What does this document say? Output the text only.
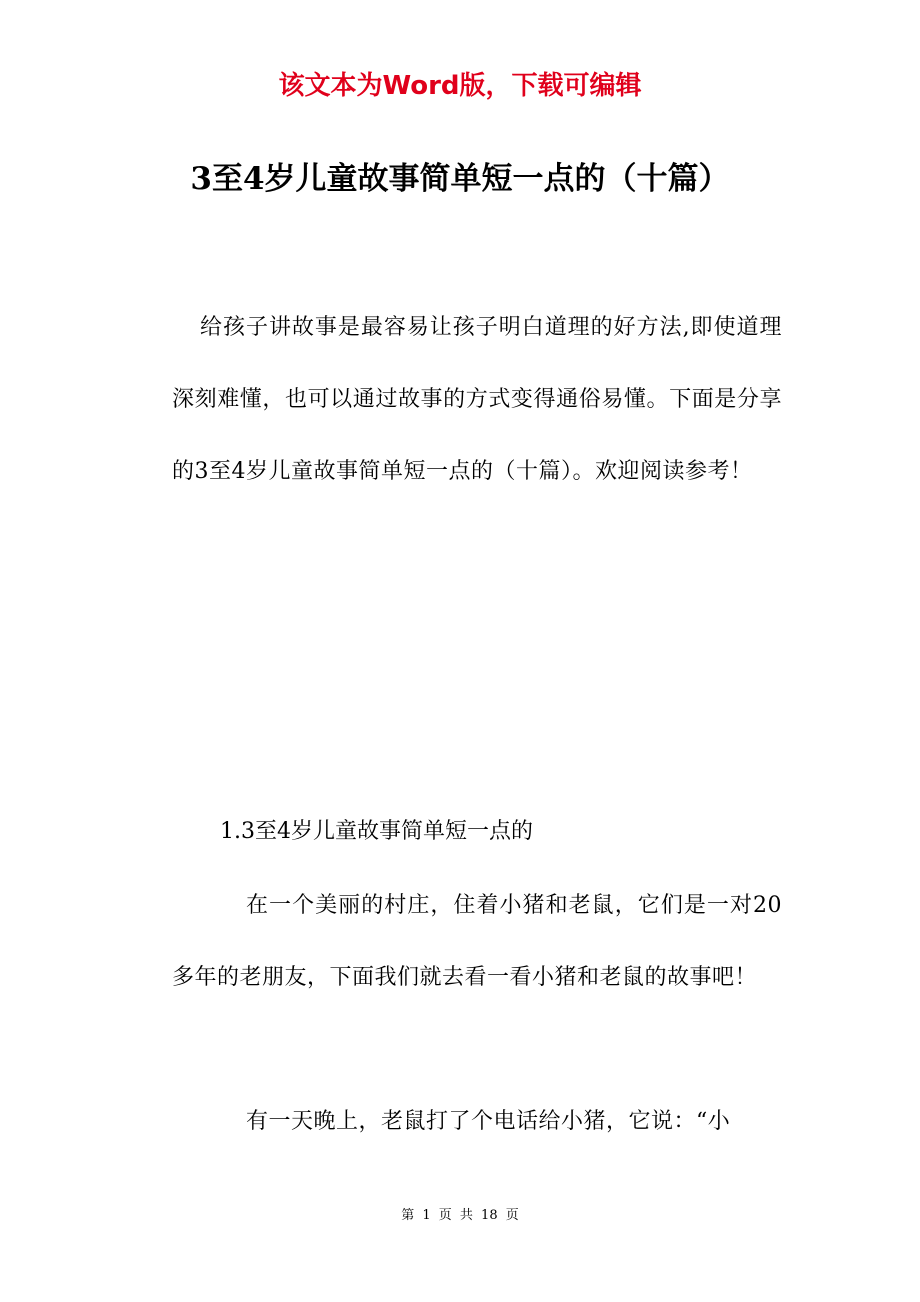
该文本为Word版，下载可编辑
3至4岁儿童故事简单短一点的（十篇）
给孩子讲故事是最容易让孩子明白道理的好方法,即使道理深刻难懂，也可以通过故事的方式变得通俗易懂。下面是分享的3至4岁儿童故事简单短一点的（十篇）。欢迎阅读参考！
1.3至4岁儿童故事简单短一点的
在一个美丽的村庄，住着小猪和老鼠，它们是一对20多年的老朋友，下面我们就去看一看小猪和老鼠的故事吧！
有一天晚上，老鼠打了个电话给小猪，它说：“小
第 1 页 共 18 页
